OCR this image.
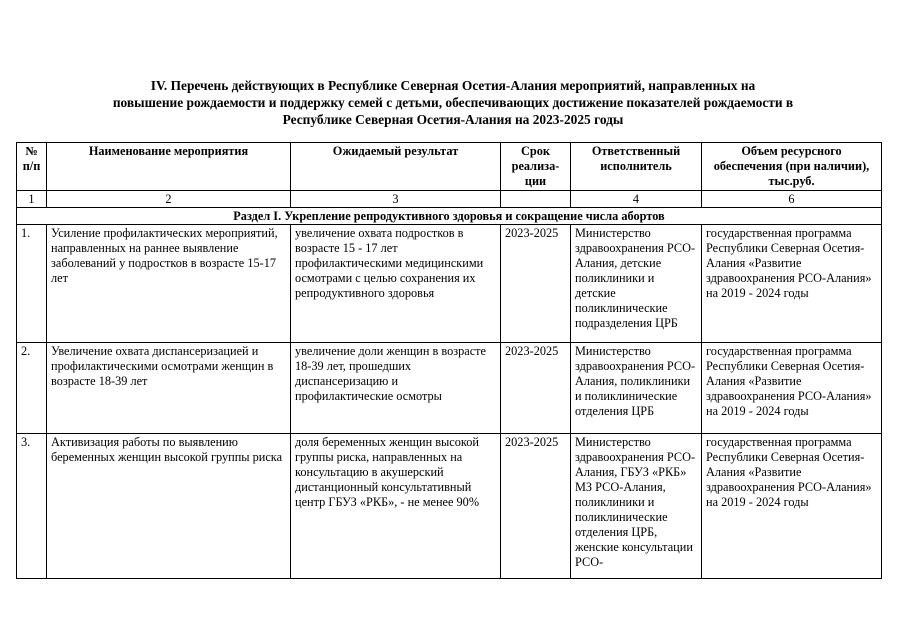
IV. Перечень действующих в Республике Северная Осетия-Алания мероприятий, направленных на
повышение рождаемости и поддержку семей с детьми, обеспечивающих достижение показателей рождаемости в
Республике Северная Осетия-Алания на 2023-2025 годы
№ п/п	Наименование мероприятия	Ожидаемый результат	Срок реализа-ции	Ответственный исполнитель	Объем ресурсного обеспечения (при наличии), тыс.руб.
1	2	3		4	6
Раздел I. Укрепление репродуктивного здоровья и сокращение числа абортов					
1.	Усиление профилактических мероприятий, направленных на раннее выявление заболеваний у подростков в возрасте 15-17 лет	увеличение охвата подростков в возрасте 15 - 17 лет профилактическими медицинскими осмотрами с целью сохранения их репродуктивного здоровья	2023-2025	Министерство здравоохранения РСО-Алания, детские поликлиники и детские поликлинические подразделения ЦРБ	государственная программа Республики Северная Осетия-Алания «Развитие здравоохранения РСО-Алания» на 2019 - 2024 годы
2.	Увеличение охвата диспансеризацией и профилактическими осмотрами женщин в возрасте 18-39 лет	увеличение доли женщин в возрасте 18-39 лет, прошедших диспансеризацию и профилактические осмотры	2023-2025	Министерство здравоохранения РСО-Алания, поликлиники и поликлинические отделения ЦРБ	государственная программа Республики Северная Осетия-Алания «Развитие здравоохранения РСО-Алания» на 2019 - 2024 годы
3.	Активизация работы по выявлению беременных женщин высокой группы риска	доля беременных женщин высокой группы риска, направленных на консультацию в акушерский дистанционный консультативный центр ГБУЗ «РКБ», - не менее 90%	2023-2025	Министерство здравоохранения РСО-Алания, ГБУЗ «РКБ» МЗ РСО-Алания, поликлиники и поликлинические отделения ЦРБ, женские консультации РСО-	государственная программа Республики Северная Осетия-Алания «Развитие здравоохранения РСО-Алания» на 2019 - 2024 годы
